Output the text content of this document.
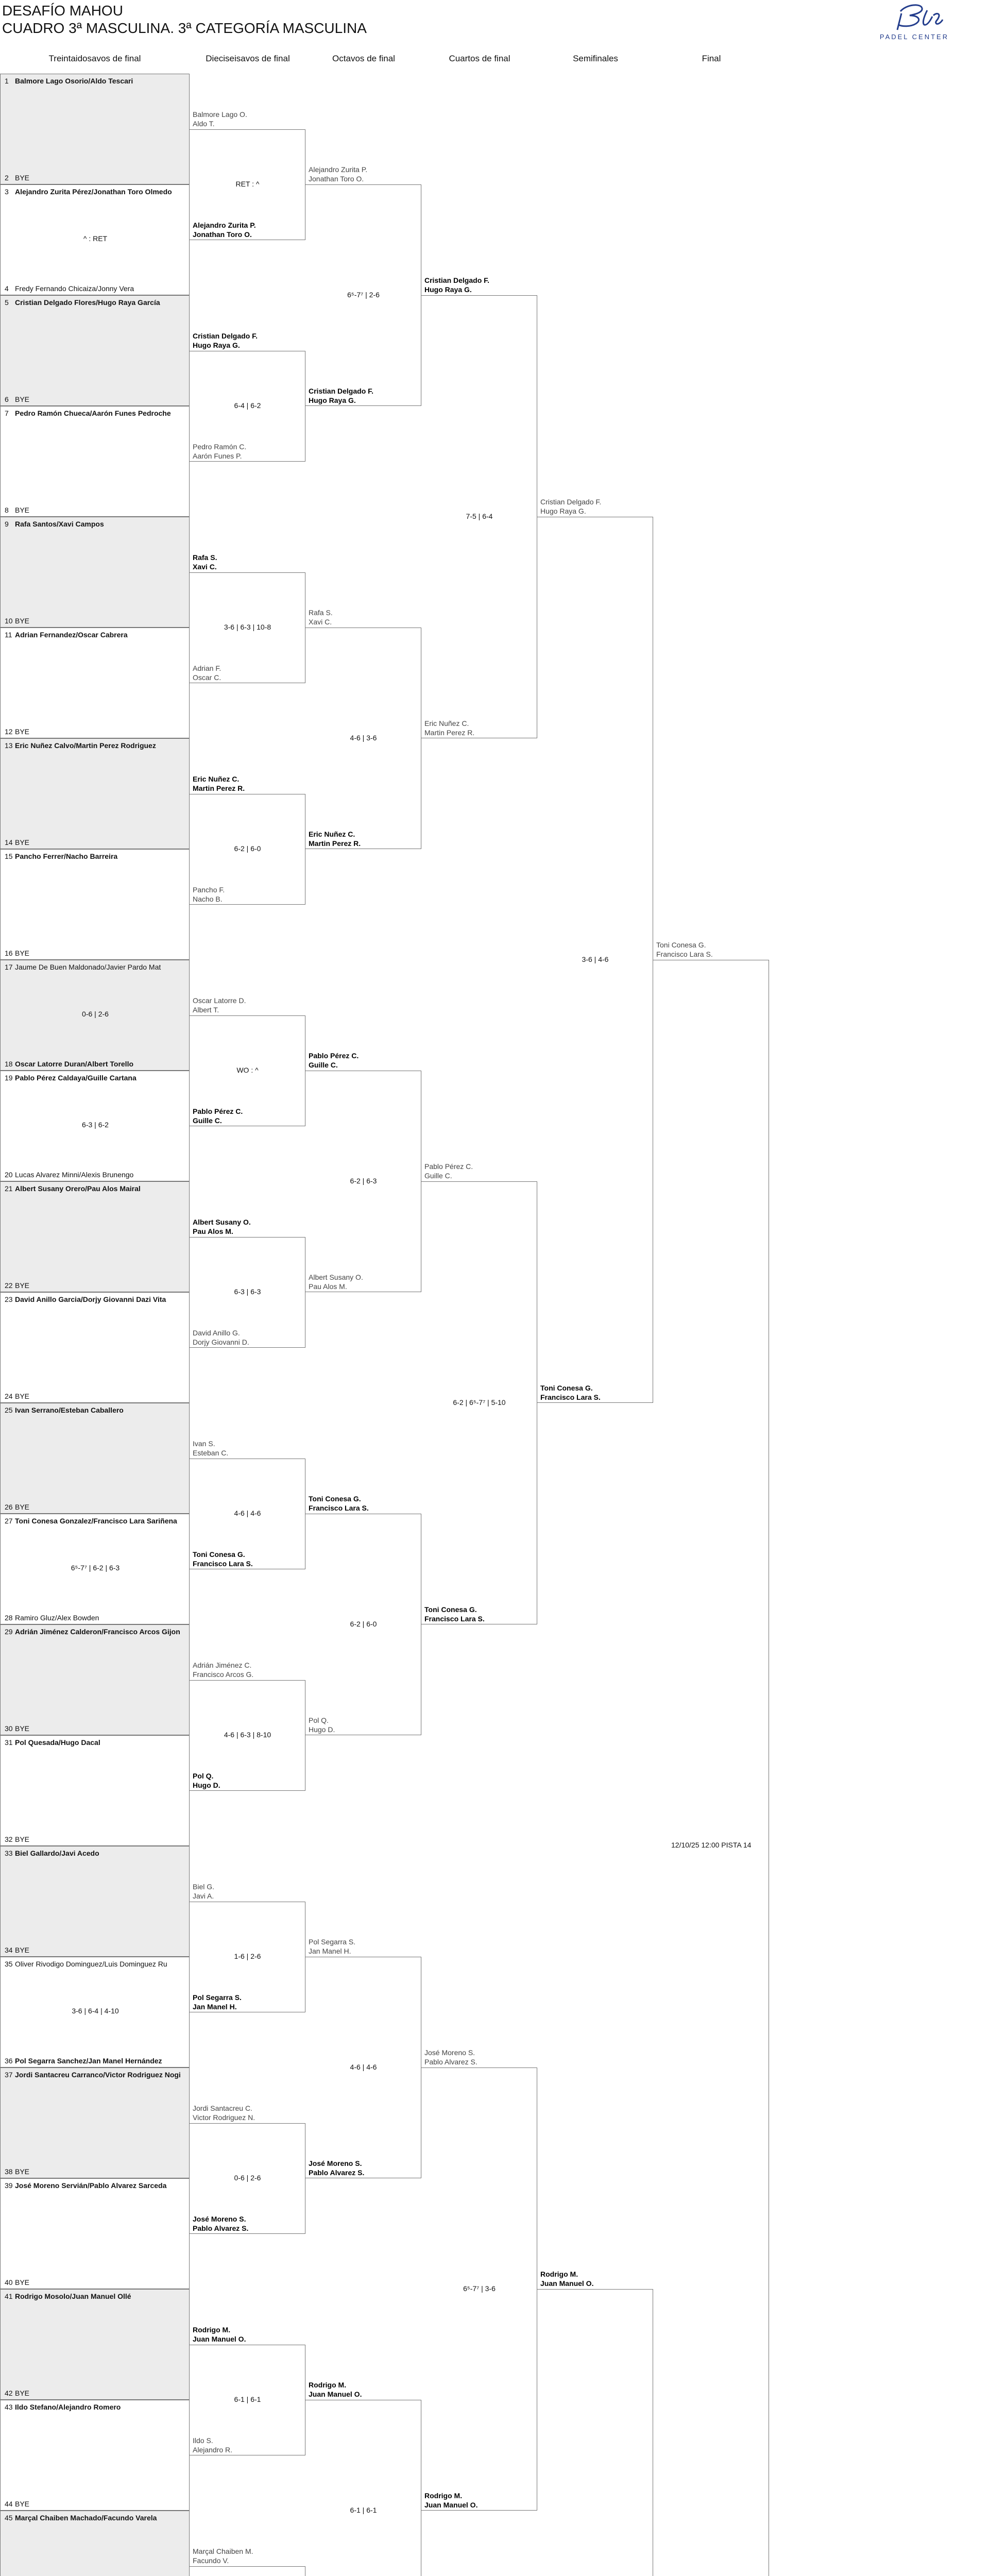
DESAFÍO MAHOU
CUADRO 3ª MASCULINA. 3ª CATEGORÍA MASCULINA
PADEL CENTER
Treintaidosavos de final	Dieciseisavos de final	Octavos de final	Cuartos de final	Semifinales	Final
1 Balmore Lago Osorio/Aldo Tescari
2 BYE
3 Alejandro Zurita Pérez/Jonathan Toro Olmedo
^ : RET
4 Fredy Fernando Chicaiza/Jonny Vera
5 Cristian Delgado Flores/Hugo Raya García
6 BYE
7 Pedro Ramón Chueca/Aarón Funes Pedroche
8 BYE
9 Rafa Santos/Xavi Campos
10 BYE
11 Adrian Fernandez/Oscar Cabrera
12 BYE
13 Eric Nuñez Calvo/Martin Perez Rodriguez
14 BYE
15 Pancho Ferrer/Nacho Barreira
16 BYE
17 Jaume De Buen Maldonado/Javier Pardo Mat
0-6 | 2-6
18 Oscar Latorre Duran/Albert Torello
19 Pablo Pérez Caldaya/Guille Cartana
6-3 | 6-2
20 Lucas Alvarez Minni/Alexis Brunengo
21 Albert Susany Orero/Pau Alos Mairal
22 BYE
23 David Anillo Garcia/Dorjy Giovanni Dazi Vita
24 BYE
25 Ivan Serrano/Esteban Caballero
26 BYE
27 Toni Conesa Gonzalez/Francisco Lara Sariñena
6⁵-7⁷ | 6-2 | 6-3
28 Ramiro Gluz/Alex Bowden
29 Adrián Jiménez Calderon/Francisco Arcos Gijon
30 BYE
31 Pol Quesada/Hugo Dacal
32 BYE
33 Biel Gallardo/Javi Acedo
34 BYE
35 Oliver Rivodigo Dominguez/Luis Dominguez Ru
3-6 | 6-4 | 4-10
36 Pol Segarra Sanchez/Jan Manel Hernández
37 Jordi Santacreu Carranco/Victor Rodriguez Nogi
38 BYE
39 José Moreno Servián/Pablo Alvarez Sarceda
40 BYE
41 Rodrigo Mosolo/Juan Manuel Ollé
42 BYE
43 Ildo Stefano/Alejandro Romero
44 BYE
45 Marçal Chaiben Machado/Facundo Varela
Balmore Lago O.
Aldo T.
Alejandro Zurita P.
Jonathan Toro O.
RET : ^
Cristian Delgado F.
Hugo Raya G.
Pedro Ramón C.
Aarón Funes P.
6-4 | 6-2
Rafa S.
Xavi C.
Adrian F.
Oscar C.
3-6 | 6-3 | 10-8
Eric Nuñez C.
Martin Perez R.
Pancho F.
Nacho B.
6-2 | 6-0
Oscar Latorre D.
Albert T.
Pablo Pérez C.
Guille C.
WO : ^
Albert Susany O.
Pau Alos M.
David Anillo G.
Dorjy Giovanni D.
6-3 | 6-3
Ivan S.
Esteban C.
Toni Conesa G.
Francisco Lara S.
4-6 | 4-6
Adrián Jiménez C.
Francisco Arcos G.
Pol Q.
Hugo D.
4-6 | 6-3 | 8-10
Biel G.
Javi A.
Pol Segarra S.
Jan Manel H.
1-6 | 2-6
Jordi Santacreu C.
Victor Rodriguez N.
José Moreno S.
Pablo Alvarez S.
0-6 | 2-6
Rodrigo M.
Juan Manuel O.
Ildo S.
Alejandro R.
6-1 | 6-1
Marçal Chaiben M.
Facundo V.
Alejandro Zurita P.
Jonathan Toro O.
Cristian Delgado F.
Hugo Raya G.
6⁵-7⁷ | 2-6
Rafa S.
Xavi C.
Eric Nuñez C.
Martin Perez R.
4-6 | 3-6
Pablo Pérez C.
Guille C.
Albert Susany O.
Pau Alos M.
6-2 | 6-3
Toni Conesa G.
Francisco Lara S.
Pol Q.
Hugo D.
6-2 | 6-0
Pol Segarra S.
Jan Manel H.
José Moreno S.
Pablo Alvarez S.
4-6 | 4-6
Rodrigo M.
Juan Manuel O.
6-1 | 6-1
Cristian Delgado F.
Hugo Raya G.
Eric Nuñez C.
Martin Perez R.
7-5 | 6-4
Pablo Pérez C.
Guille C.
Toni Conesa G.
Francisco Lara S.
6-2 | 6⁵-7⁷ | 5-10
José Moreno S.
Pablo Alvarez S.
Rodrigo M.
Juan Manuel O.
6⁵-7⁷ | 3-6
Cristian Delgado F.
Hugo Raya G.
Toni Conesa G.
Francisco Lara S.
3-6 | 4-6
Rodrigo M.
Juan Manuel O.
Toni Conesa G.
Francisco Lara S.
12/10/25 12:00 PISTA 14
